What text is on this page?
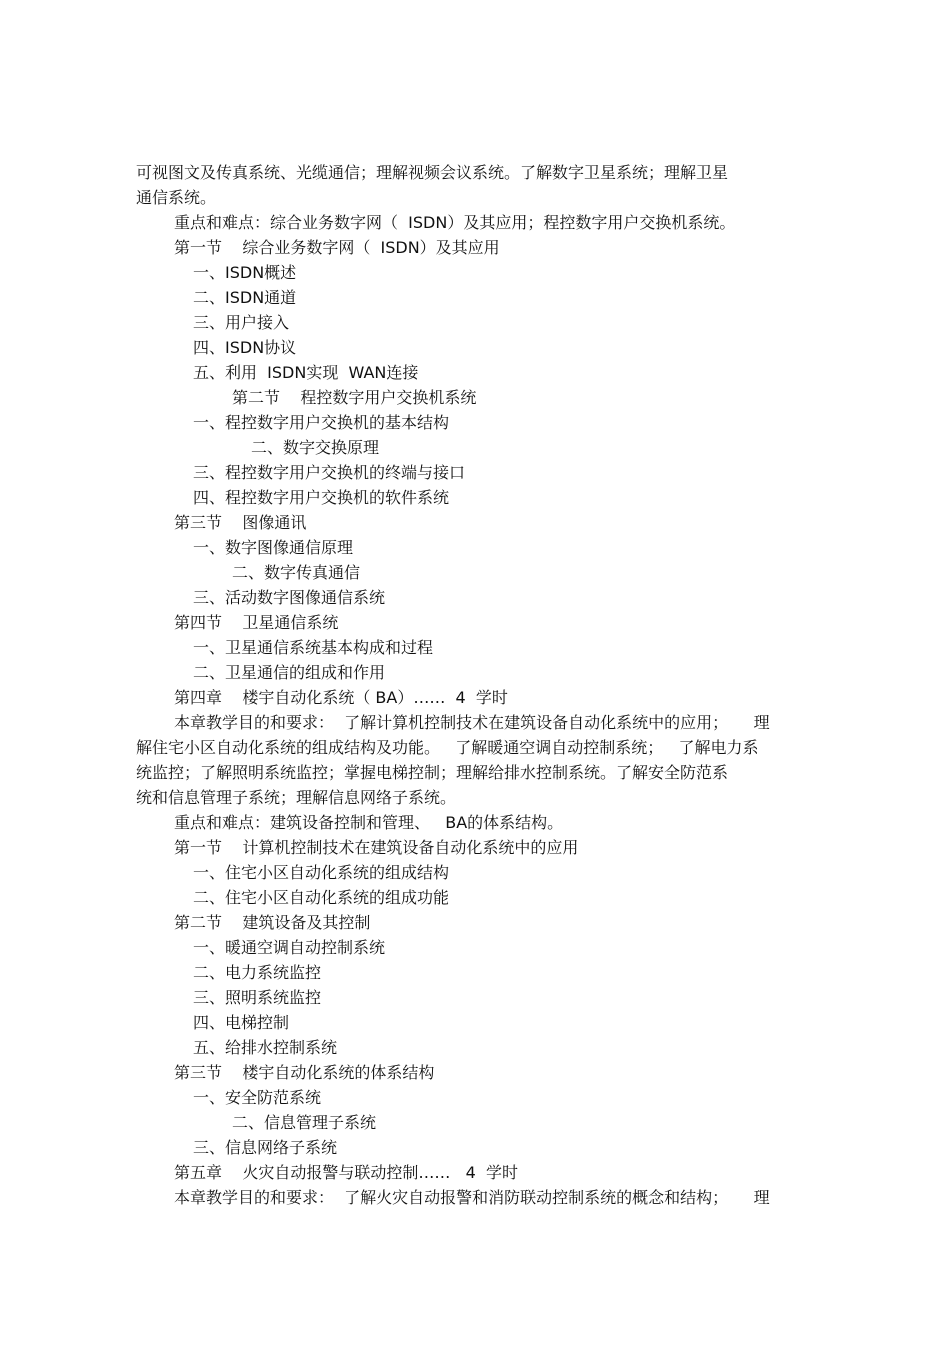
可视图文及传真系统、光缆通信；理解视频会议系统。了解数字卫星系统；理解卫星
通信系统。
重点和难点：综合业务数字网（  ISDN）及其应用；程控数字用户交换机系统。
第一节    综合业务数字网（  ISDN）及其应用
一、ISDN概述
二、ISDN通道
三、用户接入
四、ISDN协议
五、利用  ISDN实现  WAN连接
第二节    程控数字用户交换机系统
一、程控数字用户交换机的基本结构
二、数字交换原理
三、程控数字用户交换机的终端与接口
四、程控数字用户交换机的软件系统
第三节    图像通讯
一、数字图像通信原理
二、数字传真通信
三、活动数字图像通信系统
第四节    卫星通信系统
一、卫星通信系统基本构成和过程
二、卫星通信的组成和作用
第四章    楼宇自动化系统（ BA）……  4  学时
本章教学目的和要求：  了解计算机控制技术在建筑设备自动化系统中的应用；     理
解住宅小区自动化系统的组成结构及功能。   了解暖通空调自动控制系统；   了解电力系
统监控；了解照明系统监控；掌握电梯控制；理解给排水控制系统。了解安全防范系
统和信息管理子系统；理解信息网络子系统。
重点和难点：建筑设备控制和管理、   BA的体系结构。
第一节    计算机控制技术在建筑设备自动化系统中的应用
一、住宅小区自动化系统的组成结构
二、住宅小区自动化系统的组成功能
第二节    建筑设备及其控制
一、暖通空调自动控制系统
二、电力系统监控
三、照明系统监控
四、电梯控制
五、给排水控制系统
第三节    楼宇自动化系统的体系结构
一、安全防范系统
二、信息管理子系统
三、信息网络子系统
第五章    火灾自动报警与联动控制……   4  学时
本章教学目的和要求：  了解火灾自动报警和消防联动控制系统的概念和结构；     理
